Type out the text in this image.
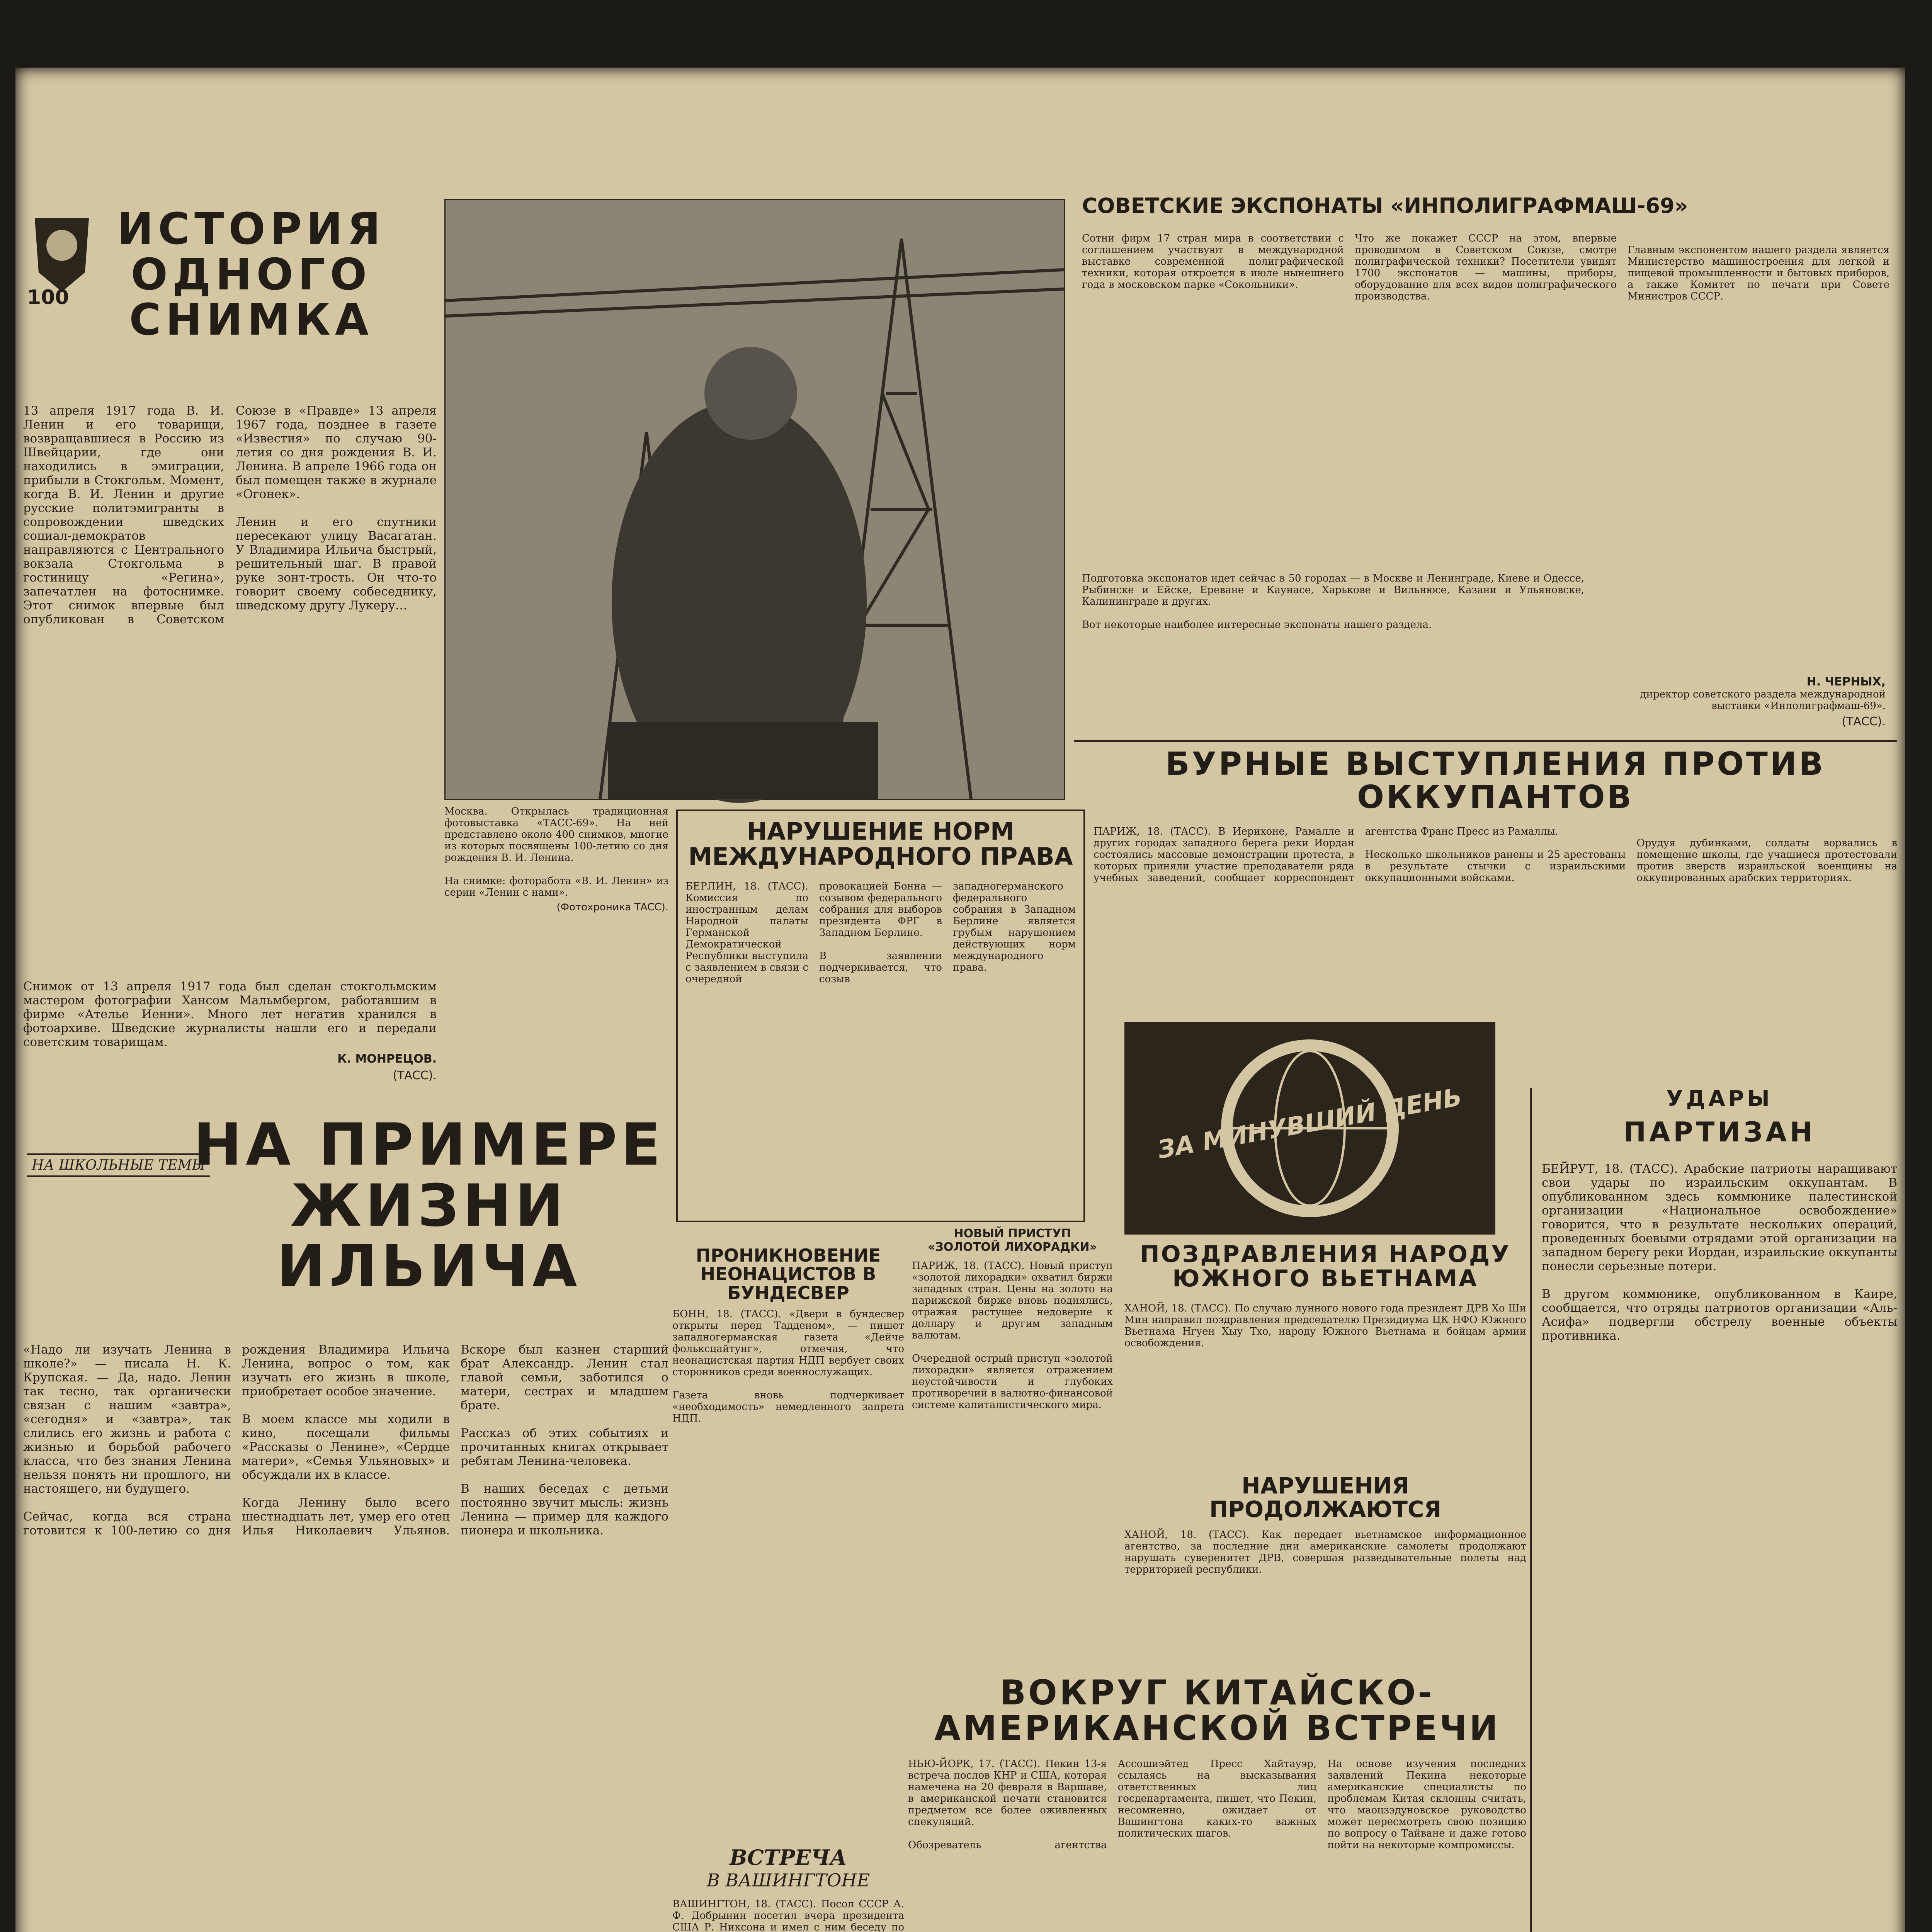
100
ИСТОРИЯ ОДНОГО СНИМКА

13 апреля 1917 года В. И. Ленин и его товарищи, возвращавшиеся в Россию из Швейцарии, где они находились в эмиграции, прибыли в Стокгольм. Момент, когда В. И. Ленин и другие русские политэмигранты в сопровождении шведских социал-демократов направляются с Центрального вокзала Стокгольма в гостиницу «Регина», запечатлен на фотоснимке. Этот снимок впервые был опубликован в Советском Союзе в «Правде» 13 апреля 1967 года, позднее в газете «Известия» по случаю 90-летия со дня рождения В. И. Ленина. В апреле 1966 года он был помещен также в журнале «Огонек».

Ленин и его спутники пересекают улицу Васагатан. У Владимира Ильича быстрый, решительный шаг. В правой руке зонт-трость. Он что-то говорит своему собеседнику, шведскому другу Лукеру…

Снимок от 13 апреля 1917 года был сделан стокгольмским мастером фотографии Хансом Мальмбергом, работавшим в фирме «Ателье Иенни». Много лет негатив хранился в фотоархиве. Шведские журналисты нашли его и передали советским товарищам.

К. МОНРЕЦОВ.

(ТАСС).

Москва. Открылась традиционная фотовыставка «ТАСС-69». На ней представлено около 400 снимков, многие из которых посвящены 100-летию со дня рождения В. И. Ленина.

На снимке: фоторабота «В. И. Ленин» из серии «Ленин с нами».

(Фотохроника ТАСС).

СОВЕТСКИЕ ЭКСПОНАТЫ «ИНПОЛИГРАФМАШ-69»

Сотни фирм 17 стран мира в соответствии с соглашением участвуют в международной выставке современной полиграфической техники, которая откроется в июле нынешнего года в московском парке «Сокольники».

Что же покажет СССР на этом, впервые проводимом в Советском Союзе, смотре полиграфической техники? Посетители увидят 1700 экспонатов — машины, приборы, оборудование для всех видов полиграфического производства.

Главным экспонентом нашего раздела является Министерство машиностроения для легкой и пищевой промышленности и бытовых приборов, а также Комитет по печати при Совете Министров СССР.

Подготовка экспонатов идет сейчас в 50 городах — в Москве и Ленинграде, Киеве и Одессе, Рыбинске и Ейске, Ереване и Каунасе, Харькове и Вильнюсе, Казани и Ульяновске, Калининграде и других.

Вот некоторые наиболее интересные экспонаты нашего раздела.

Н. ЧЕРНЫХ,
директор советского раздела международной выставки «Инполиграфмаш-69».
(ТАСС).
НАРУШЕНИЕ НОРМ МЕЖДУНАРОДНОГО ПРАВА

БЕРЛИН, 18. (ТАСС). Комиссия по иностранным делам Народной палаты Германской Демократической Республики выступила с заявлением в связи с очередной провокацией Бонна — созывом федерального собрания для выборов президента ФРГ в Западном Берлине.

В заявлении подчеркивается, что созыв западногерманского федерального собрания в Западном Берлине является грубым нарушением действующих норм международного права.

БУРНЫЕ ВЫСТУПЛЕНИЯ ПРОТИВ ОККУПАНТОВ

ПАРИЖ, 18. (ТАСС). В Иерихоне, Рамалле и других городах западного берега реки Иордан состоялись массовые демонстрации протеста, в которых приняли участие преподаватели ряда учебных заведений, сообщает корреспондент агентства Франс Пресс из Рамаллы.

Несколько школьников ранены и 25 арестованы в результате стычки с израильскими оккупационными войсками.

Орудуя дубинками, солдаты ворвались в помещение школы, где учащиеся протестовали против зверств израильской военщины на оккупированных арабских территориях.

ЗА МИНУВШИЙ ДЕНЬ	УДАРЫ
ПАРТИЗАН

БЕЙРУТ, 18. (ТАСС). Арабские патриоты наращивают свои удары по израильским оккупантам. В опубликованном здесь коммюнике палестинской организации «Национальное освобождение» говорится, что в результате нескольких операций, проведенных боевыми отрядами этой организации на западном берегу реки Иордан, израильские оккупанты понесли серьезные потери.

В другом коммюнике, опубликованном в Каире, сообщается, что отряды патриотов организации «Аль-Асифа» подвергли обстрелу военные объекты противника.

ПОЗДРАВЛЕНИЯ НАРОДУ ЮЖНОГО ВЬЕТНАМА

ХАНОЙ, 18. (ТАСС). По случаю лунного нового года президент ДРВ Хо Ши Мин направил поздравления председателю Президиума ЦК НФО Южного Вьетнама Нгуен Хыу Тхо, народу Южного Вьетнама и бойцам армии освобождения.

НАРУШЕНИЯ ПРОДОЛЖАЮТСЯ

ХАНОЙ, 18. (ТАСС). Как передает вьетнамское информационное агентство, за последние дни американские самолеты продолжают нарушать суверенитет ДРВ, совершая разведывательные полеты над территорией республики.

НОВЫЙ ПРИСТУП
«ЗОЛОТОЙ ЛИХОРАДКИ»

ПАРИЖ, 18. (ТАСС). Новый приступ «золотой лихорадки» охватил биржи западных стран. Цены на золото на парижской бирже вновь поднялись, отражая растущее недоверие к доллару и другим западным валютам.

Очередной острый приступ «золотой лихорадки» является отражением неустойчивости и глубоких противоречий в валютно-финансовой системе капиталистического мира.

ПРОНИКНОВЕНИЕ НЕОНАЦИСТОВ В БУНДЕСВЕР

БОНН, 18. (ТАСС). «Двери в бундесвер открыты перед Тадденом», — пишет западногерманская газета «Дейче фольксцайтунг», отмечая, что неонацистская партия НДП вербует своих сторонников среди военнослужащих.

Газета вновь подчеркивает «необходимость» немедленного запрета НДП.

НА ШКОЛЬНЫЕ ТЕМЫ
НА ПРИМЕРЕ ЖИЗНИ ИЛЬИЧА

«Надо ли изучать Ленина в школе?» — писала Н. К. Крупская. — Да, надо. Ленин так тесно, так органически связан с нашим «завтра», «сегодня» и «завтра», так слились его жизнь и работа с жизнью и борьбой рабочего класса, что без знания Ленина нельзя понять ни прошлого, ни настоящего, ни будущего.

Сейчас, когда вся страна готовится к 100-летию со дня рождения Владимира Ильича Ленина, вопрос о том, как изучать его жизнь в школе, приобретает особое значение.

В моем классе мы ходили в кино, посещали фильмы «Рассказы о Ленине», «Сердце матери», «Семья Ульяновых» и обсуждали их в классе.

Когда Ленину было всего шестнадцать лет, умер его отец Илья Николаевич Ульянов. Вскоре был казнен старший брат Александр. Ленин стал главой семьи, заботился о матери, сестрах и младшем брате.

Рассказ об этих событиях и прочитанных книгах открывает ребятам Ленина-человека.

В наших беседах с детьми постоянно звучит мысль: жизнь Ленина — пример для каждого пионера и школьника.

ВОКРУГ КИТАЙСКО-АМЕРИКАНСКОЙ ВСТРЕЧИ

НЬЮ-ЙОРК, 17. (ТАСС). Пекин 13-я встреча послов КНР и США, которая намечена на 20 февраля в Варшаве, в американской печати становится предметом все более оживленных спекуляций.

Обозреватель агентства Ассошиэйтед Пресс Хайтауэр, ссылаясь на высказывания ответственных лиц госдепартамента, пишет, что Пекин, несомненно, ожидает от Вашингтона каких-то важных политических шагов.

На основе изучения последних заявлений Пекина некоторые американские специалисты по проблемам Китая склонны считать, что маоцзэдуновское руководство может пересмотреть свою позицию по вопросу о Тайване и даже готово пойти на некоторые компромиссы.

ВСТРЕЧА
В ВАШИНГТОНЕ

ВАШИНГТОН, 18. (ТАСС). Посол СССР А. Ф. Добрынин посетил вчера президента США Р. Никсона и имел с ним беседу по
